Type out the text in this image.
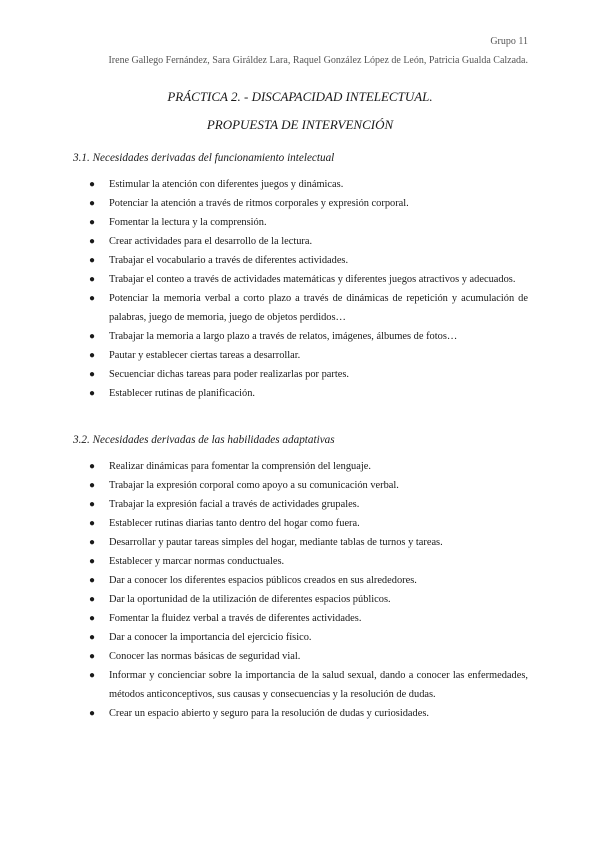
Grupo 11
Irene Gallego Fernández, Sara Giráldez Lara, Raquel González López de León, Patricia Gualda Calzada.
PRÁCTICA 2. - DISCAPACIDAD INTELECTUAL.
PROPUESTA DE INTERVENCIÓN
3.1. Necesidades derivadas del funcionamiento intelectual
● Estimular la atención con diferentes juegos y dinámicas.
● Potenciar la atención a través de ritmos corporales y expresión corporal.
● Fomentar la lectura y la comprensión.
● Crear actividades para el desarrollo de la lectura.
● Trabajar el vocabulario a través de diferentes actividades.
● Trabajar el conteo a través de actividades matemáticas y diferentes juegos atractivos y adecuados.
● Potenciar la memoria verbal a corto plazo a través de dinámicas de repetición y acumulación de palabras, juego de memoria, juego de objetos perdidos…
● Trabajar la memoria a largo plazo a través de relatos, imágenes, álbumes de fotos…
● Pautar y establecer ciertas tareas a desarrollar.
● Secuenciar dichas tareas para poder realizarlas por partes.
● Establecer rutinas de planificación.
3.2. Necesidades derivadas de las habilidades adaptativas
● Realizar dinámicas para fomentar la comprensión del lenguaje.
● Trabajar la expresión corporal como apoyo a su comunicación verbal.
● Trabajar la expresión facial a través de actividades grupales.
● Establecer rutinas diarias tanto dentro del hogar como fuera.
● Desarrollar y pautar tareas simples del hogar, mediante tablas de turnos y tareas.
● Establecer y marcar normas conductuales.
● Dar a conocer los diferentes espacios públicos creados en sus alrededores.
● Dar la oportunidad de la utilización de diferentes espacios públicos.
● Fomentar la fluidez verbal a través de diferentes actividades.
● Dar a conocer la importancia del ejercicio físico.
● Conocer las normas básicas de seguridad vial.
● Informar y concienciar sobre la importancia de la salud sexual, dando a conocer las enfermedades, métodos anticonceptivos, sus causas y consecuencias y la resolución de dudas.
● Crear un espacio abierto y seguro para la resolución de dudas y curiosidades.
